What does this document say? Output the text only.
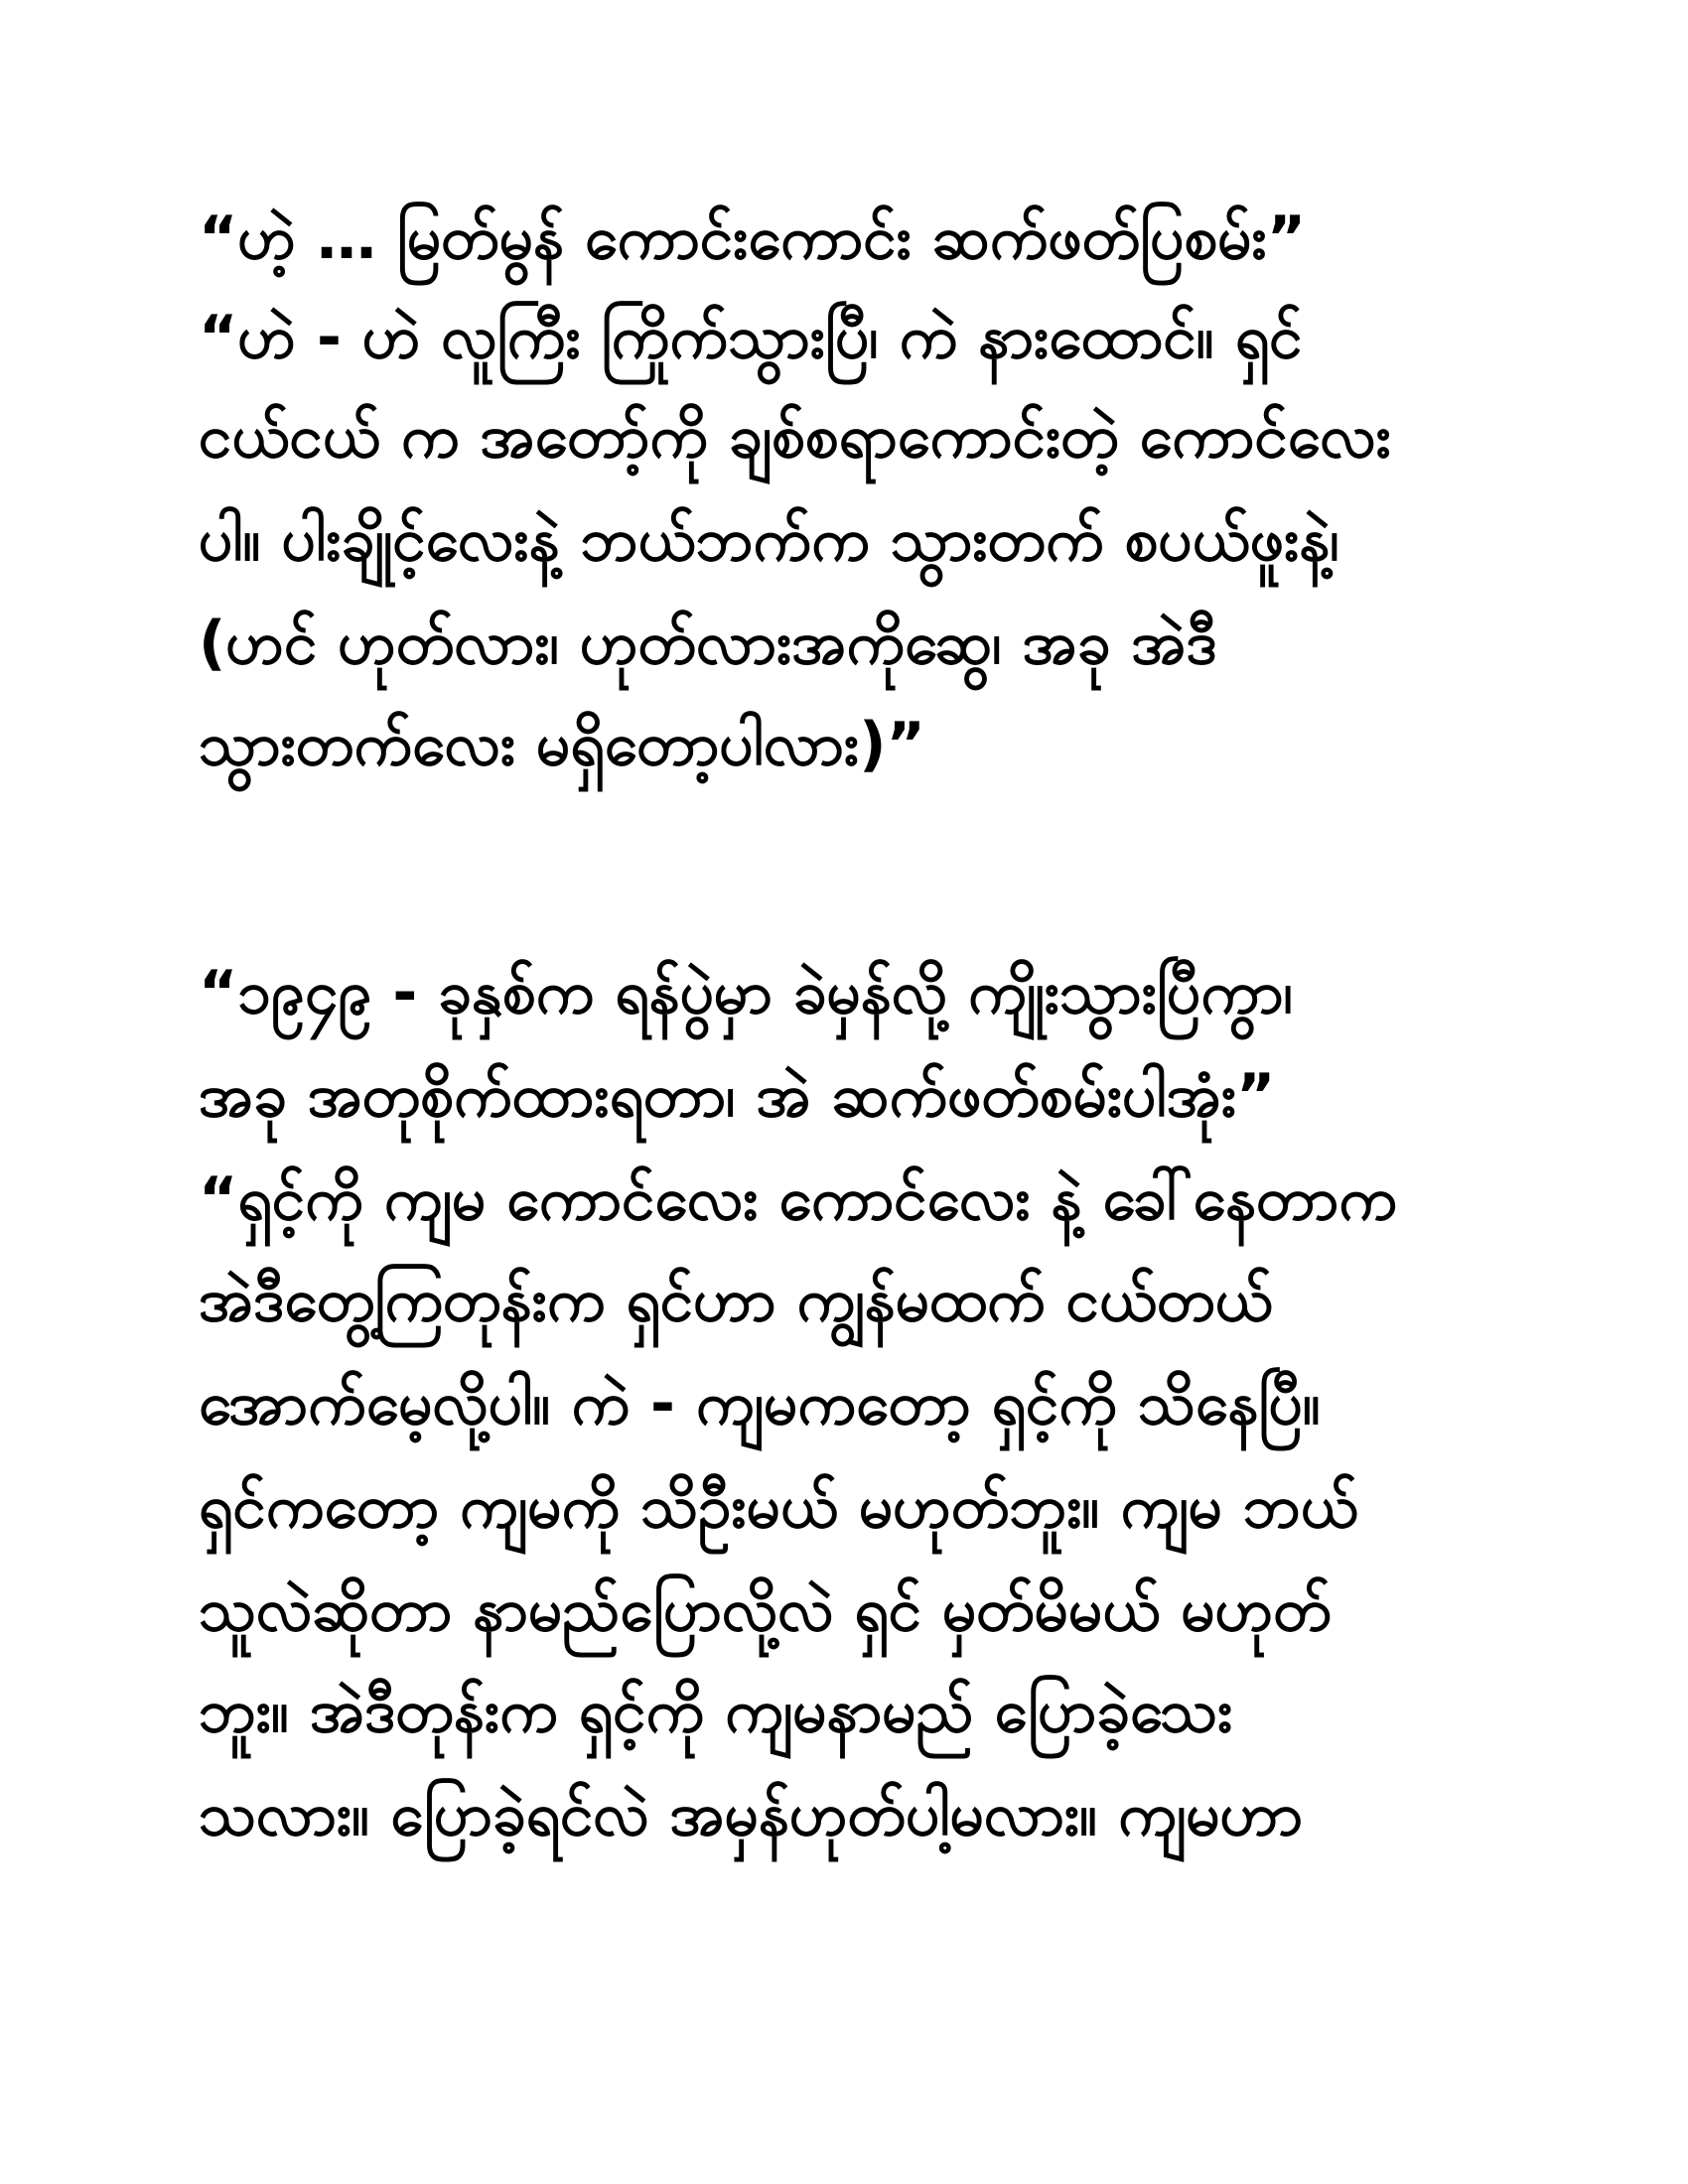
“ဟဲ့ … မြတ်မွန် ကောင်းကောင်း ဆက်ဖတ်ပြစမ်း”
“ဟဲ - ဟဲ လူကြီး ကြိုက်သွားပြီ၊ ကဲ နားထောင်။ ရှင်
ငယ်ငယ် က အတော့်ကို ချစ်စရာကောင်းတဲ့ ကောင်လေး
ပါ။ ပါးချိုင့်လေးနဲ့ ဘယ်ဘက်က သွားတက် စပယ်ဖူးနဲ့၊
(ဟင် ဟုတ်လား၊ ဟုတ်လားအကိုဆွေ၊ အခု အဲဒီ
သွားတက်လေး မရှိတော့ပါလား)”
“၁၉၄၉ - ခုနှစ်က ရန်ပွဲမှာ ခဲမှန်လို့ ကျိုးသွားပြီကွာ၊
အခု အတုစိုက်ထားရတာ၊ အဲ ဆက်ဖတ်စမ်းပါအုံး”
“ရှင့်ကို ကျမ ကောင်လေး ကောင်လေး နဲ့ ခေါ်နေတာက
အဲဒီတွေ့ကြတုန်းက ရှင်ဟာ ကျွန်မထက် ငယ်တယ်
အောက်မေ့လို့ပါ။ ကဲ - ကျမကတော့ ရှင့်ကို သိနေပြီ။
ရှင်ကတော့ ကျမကို သိဦးမယ် မဟုတ်ဘူး။ ကျမ ဘယ်
သူလဲဆိုတာ နာမည်ပြောလို့လဲ ရှင် မှတ်မိမယ် မဟုတ်
ဘူး။ အဲဒီတုန်းက ရှင့်ကို ကျမနာမည် ပြောခဲ့သေး
သလား။ ပြောခဲ့ရင်လဲ အမှန်ဟုတ်ပါ့မလား။ ကျမဟာ
